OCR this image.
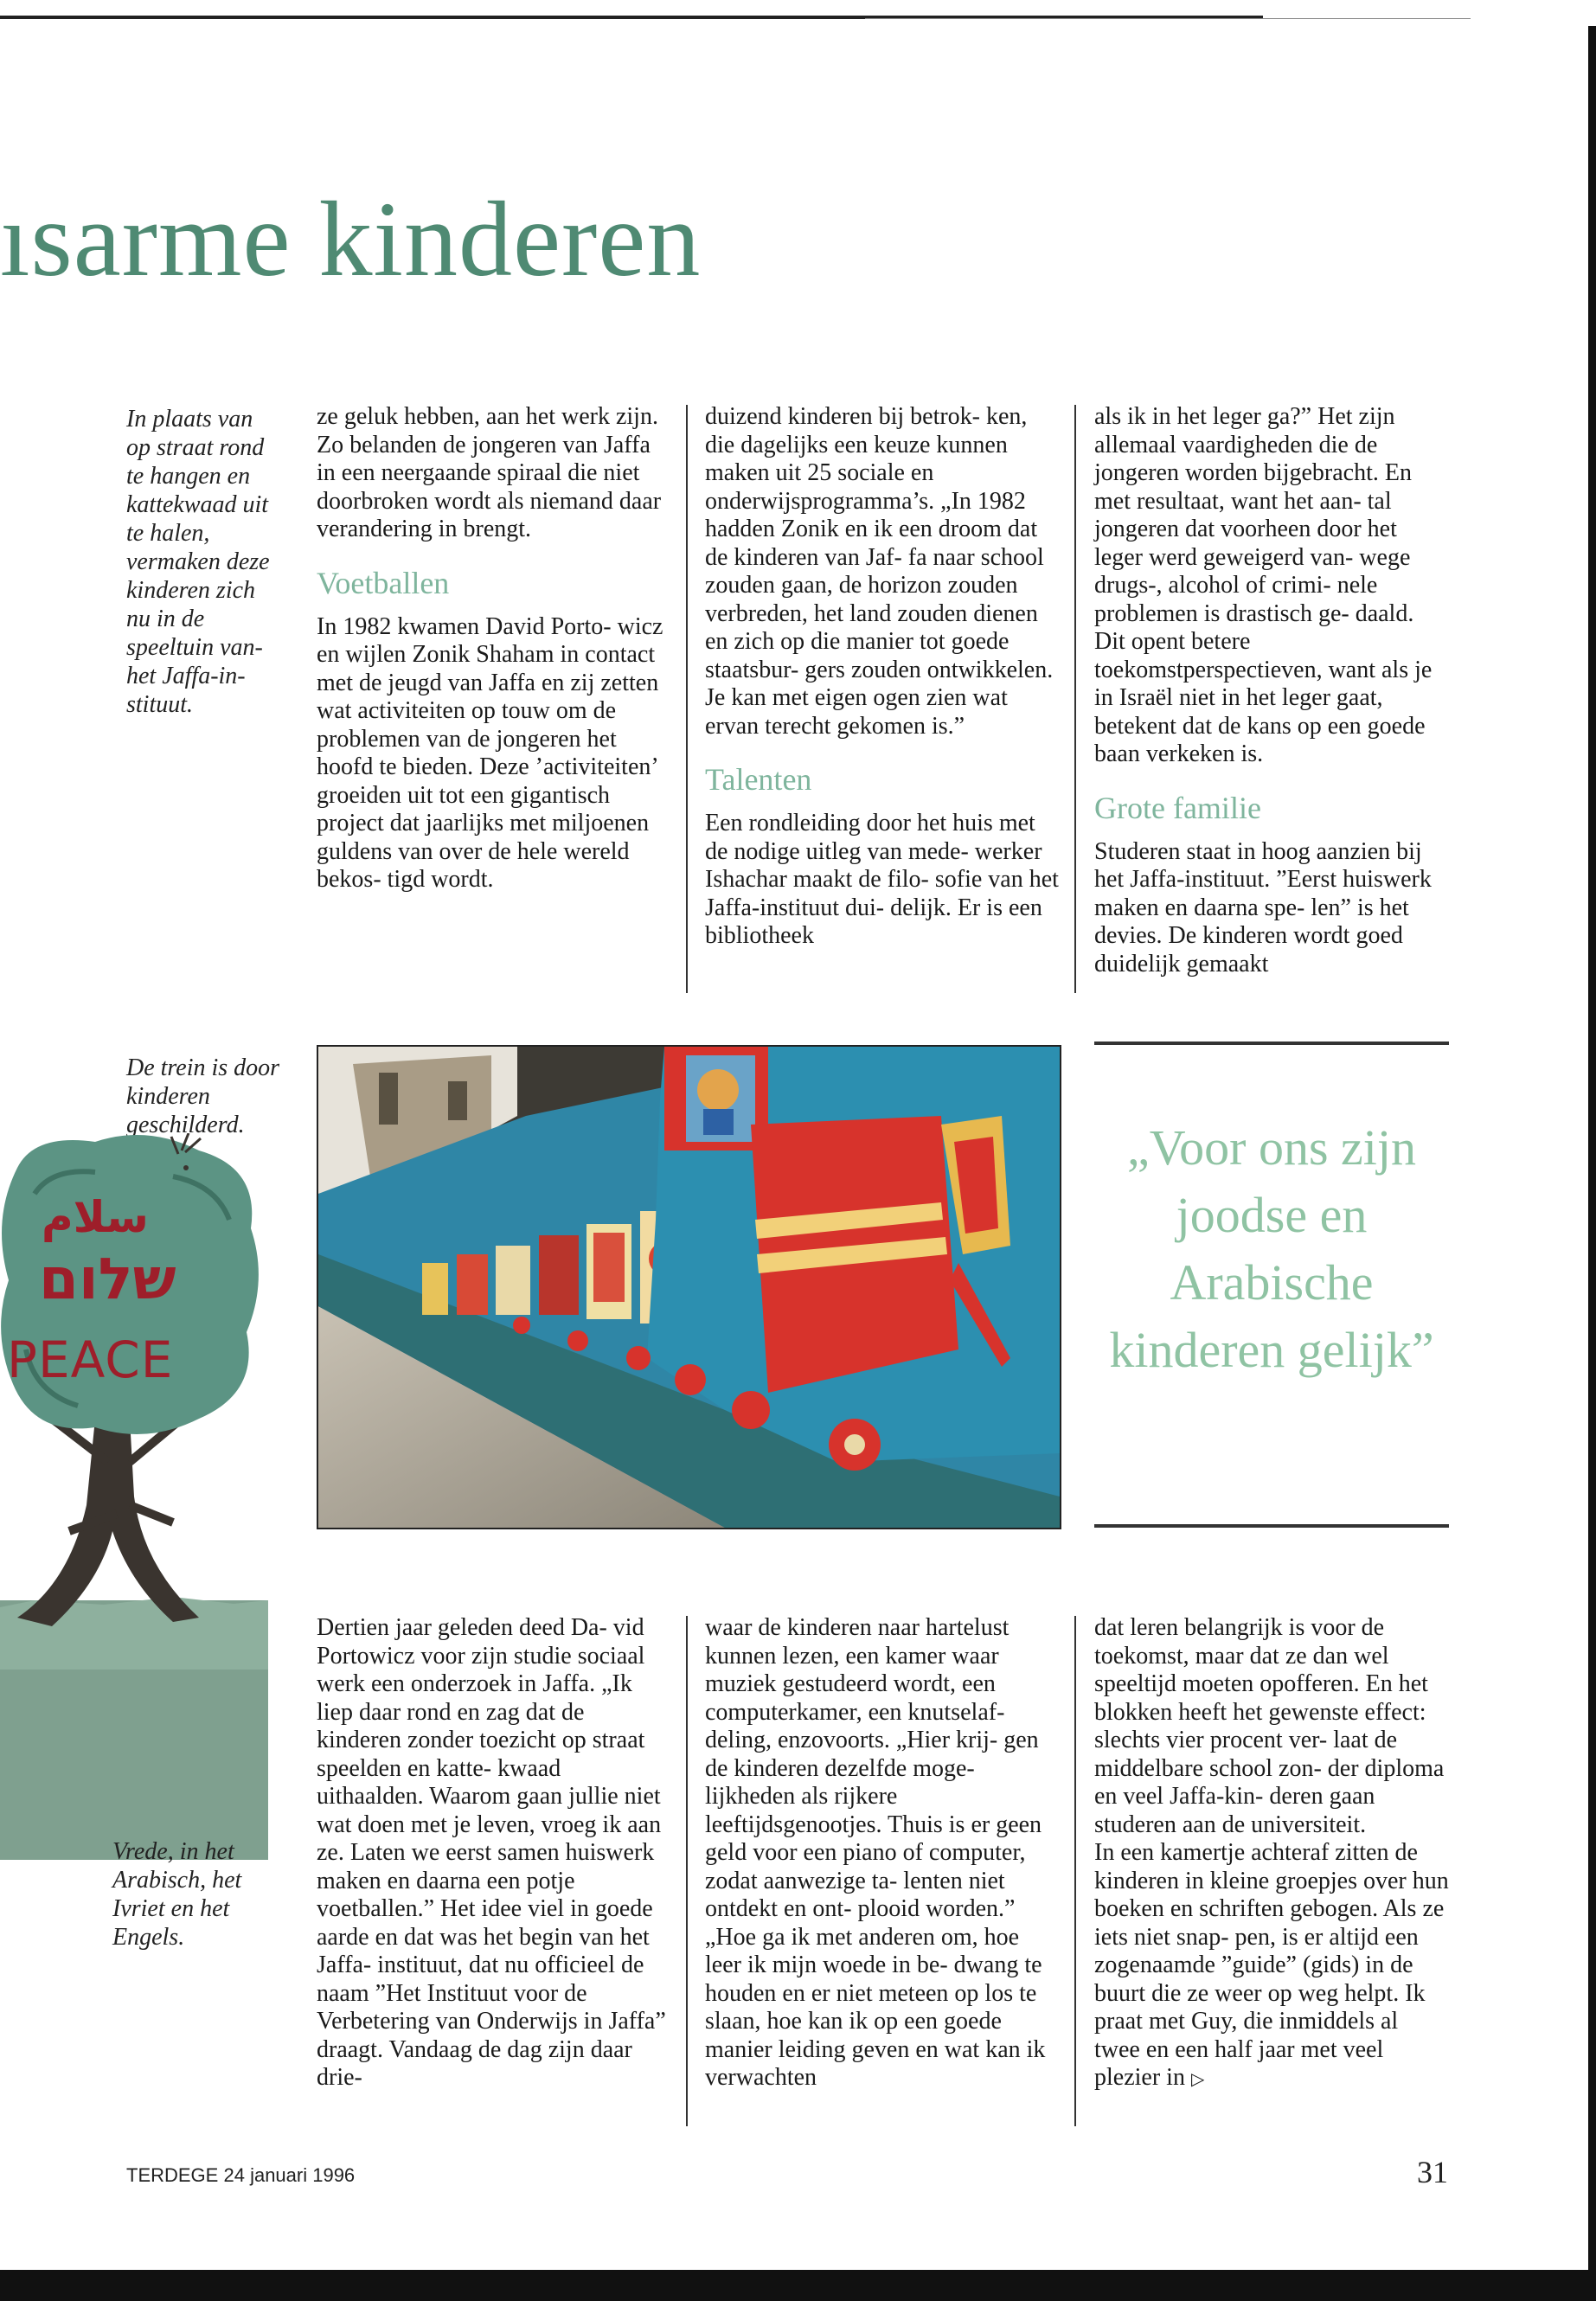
ısarme kinderen
In plaats van op straat rond te hangen en kattekwaad uit te halen, vermaken deze kinderen zich nu in de speeltuin van- het Jaffa-in- stituut.

ze geluk hebben, aan het werk zijn.

Zo belanden de jongeren van Jaffa in een neergaande spiraal die niet doorbroken wordt als niemand daar verandering in brengt.

Voetballen

In 1982 kwamen David Porto- wicz en wijlen Zonik Shaham in contact met de jeugd van Jaffa en zij zetten wat activiteiten op touw om de problemen van de jongeren het hoofd te bieden. Deze ’activiteiten’ groeiden uit tot een gigantisch project dat jaarlijks met miljoenen guldens van over de hele wereld bekos- tigd wordt.

duizend kinderen bij betrok- ken, die dagelijks een keuze kunnen maken uit 25 sociale en onderwijsprogramma’s. „In 1982 hadden Zonik en ik een droom dat de kinderen van Jaf- fa naar school zouden gaan, de horizon zouden verbreden, het land zouden dienen en zich op die manier tot goede staatsbur- gers zouden ontwikkelen. Je kan met eigen ogen zien wat ervan terecht gekomen is.”

Talenten

Een rondleiding door het huis met de nodige uitleg van mede- werker Ishachar maakt de filo- sofie van het Jaffa-instituut dui- delijk. Er is een bibliotheek

als ik in het leger ga?” Het zijn allemaal vaardigheden die de jongeren worden bijgebracht. En met resultaat, want het aan- tal jongeren dat voorheen door het leger werd geweigerd van- wege drugs-, alcohol of crimi- nele problemen is drastisch ge- daald. Dit opent betere toekomstperspectieven, want als je in Israël niet in het leger gaat, betekent dat de kans op een goede baan verkeken is.

Grote familie

Studeren staat in hoog aanzien bij het Jaffa-instituut. ”Eerst huiswerk maken en daarna spe- len” is het devies. De kinderen wordt goed duidelijk gemaakt

De trein is door kinderen geschilderd.
سلام
שלום
PEACE
„Voor ons zijn joodse en Arabische kinderen gelijk”
Vrede, in het Arabisch, het Ivriet en het Engels.

Dertien jaar geleden deed Da- vid Portowicz voor zijn studie sociaal werk een onderzoek in Jaffa. „Ik liep daar rond en zag dat de kinderen zonder toezicht op straat speelden en katte- kwaad uithaalden. Waarom gaan jullie niet wat doen met je leven, vroeg ik aan ze. Laten we eerst samen huiswerk maken en daarna een potje voetballen.” Het idee viel in goede aarde en dat was het begin van het Jaffa- instituut, dat nu officieel de naam ”Het Instituut voor de Verbetering van Onderwijs in Jaffa” draagt. Vandaag de dag zijn daar drie-

waar de kinderen naar hartelust kunnen lezen, een kamer waar muziek gestudeerd wordt, een computerkamer, een knutselaf- deling, enzovoorts. „Hier krij- gen de kinderen dezelfde moge- lijkheden als rijkere leeftijdsgenootjes. Thuis is er geen geld voor een piano of computer, zodat aanwezige ta- lenten niet ontdekt en ont- plooid worden.”

„Hoe ga ik met anderen om, hoe leer ik mijn woede in be- dwang te houden en er niet meteen op los te slaan, hoe kan ik op een goede manier leiding geven en wat kan ik verwachten

dat leren belangrijk is voor de toekomst, maar dat ze dan wel speeltijd moeten opofferen. En het blokken heeft het gewenste effect: slechts vier procent ver- laat de middelbare school zon- der diploma en veel Jaffa-kin- deren gaan studeren aan de universiteit.

In een kamertje achteraf zitten de kinderen in kleine groepjes over hun boeken en schriften gebogen. Als ze iets niet snap- pen, is er altijd een zogenaamde ”guide” (gids) in de buurt die ze weer op weg helpt. Ik praat met Guy, die inmiddels al twee en een half jaar met veel plezier in ▷

TERDEGE 24 januari 1996	31
